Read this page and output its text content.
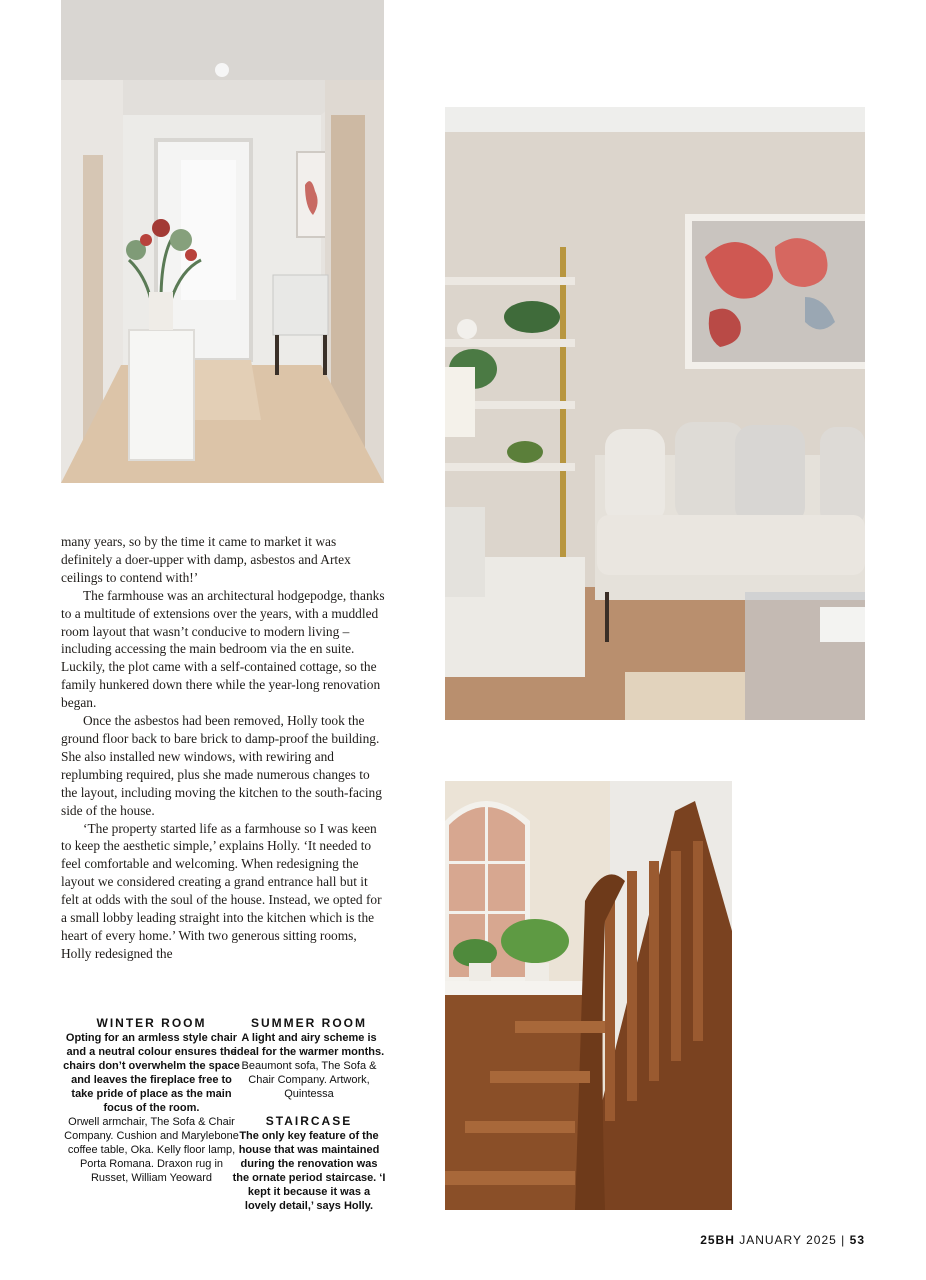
many years, so by the time it came to market it was definitely a doer-upper with damp, asbestos and Artex ceilings to contend with!’

The farmhouse was an architectural hodgepodge, thanks to a multitude of extensions over the years, with a muddled room layout that wasn’t conducive to modern living – including accessing the main bedroom via the en suite. Luckily, the plot came with a self-contained cottage, so the family hunkered down there while the year-long renovation began.

Once the asbestos had been removed, Holly took the ground floor back to bare brick to damp-proof the building. She also installed new windows, with rewiring and replumbing required, plus she made numerous changes to the layout, including moving the kitchen to the south-facing side of the house.

‘The property started life as a farmhouse so I was keen to keep the aesthetic simple,’ explains Holly. ‘It needed to feel comfortable and welcoming. When redesigning the layout we considered creating a grand entrance hall but it felt at odds with the soul of the house. Instead, we opted for a small lobby leading straight into the kitchen which is the heart of every home.’ With two generous sitting rooms, Holly redesigned the

WINTER ROOM
Opting for an armless style chair and a neutral colour ensures the chairs don’t overwhelm the space and leaves the fireplace free to take pride of place as the main focus of the room.
Orwell armchair, The Sofa & Chair Company. Cushion and Marylebone coffee table, Oka. Kelly floor lamp, Porta Romana. Draxon rug in Russet, William Yeoward
SUMMER ROOM
A light and airy scheme is ideal for the warmer months.
Beaumont sofa, The Sofa & Chair Company. Artwork, Quintessa
STAIRCASE
The only key feature of the house that was maintained during the renovation was the ornate period staircase. ‘I kept it because it was a lovely detail,’ says Holly.
25BH JANUARY 2025 | 53
